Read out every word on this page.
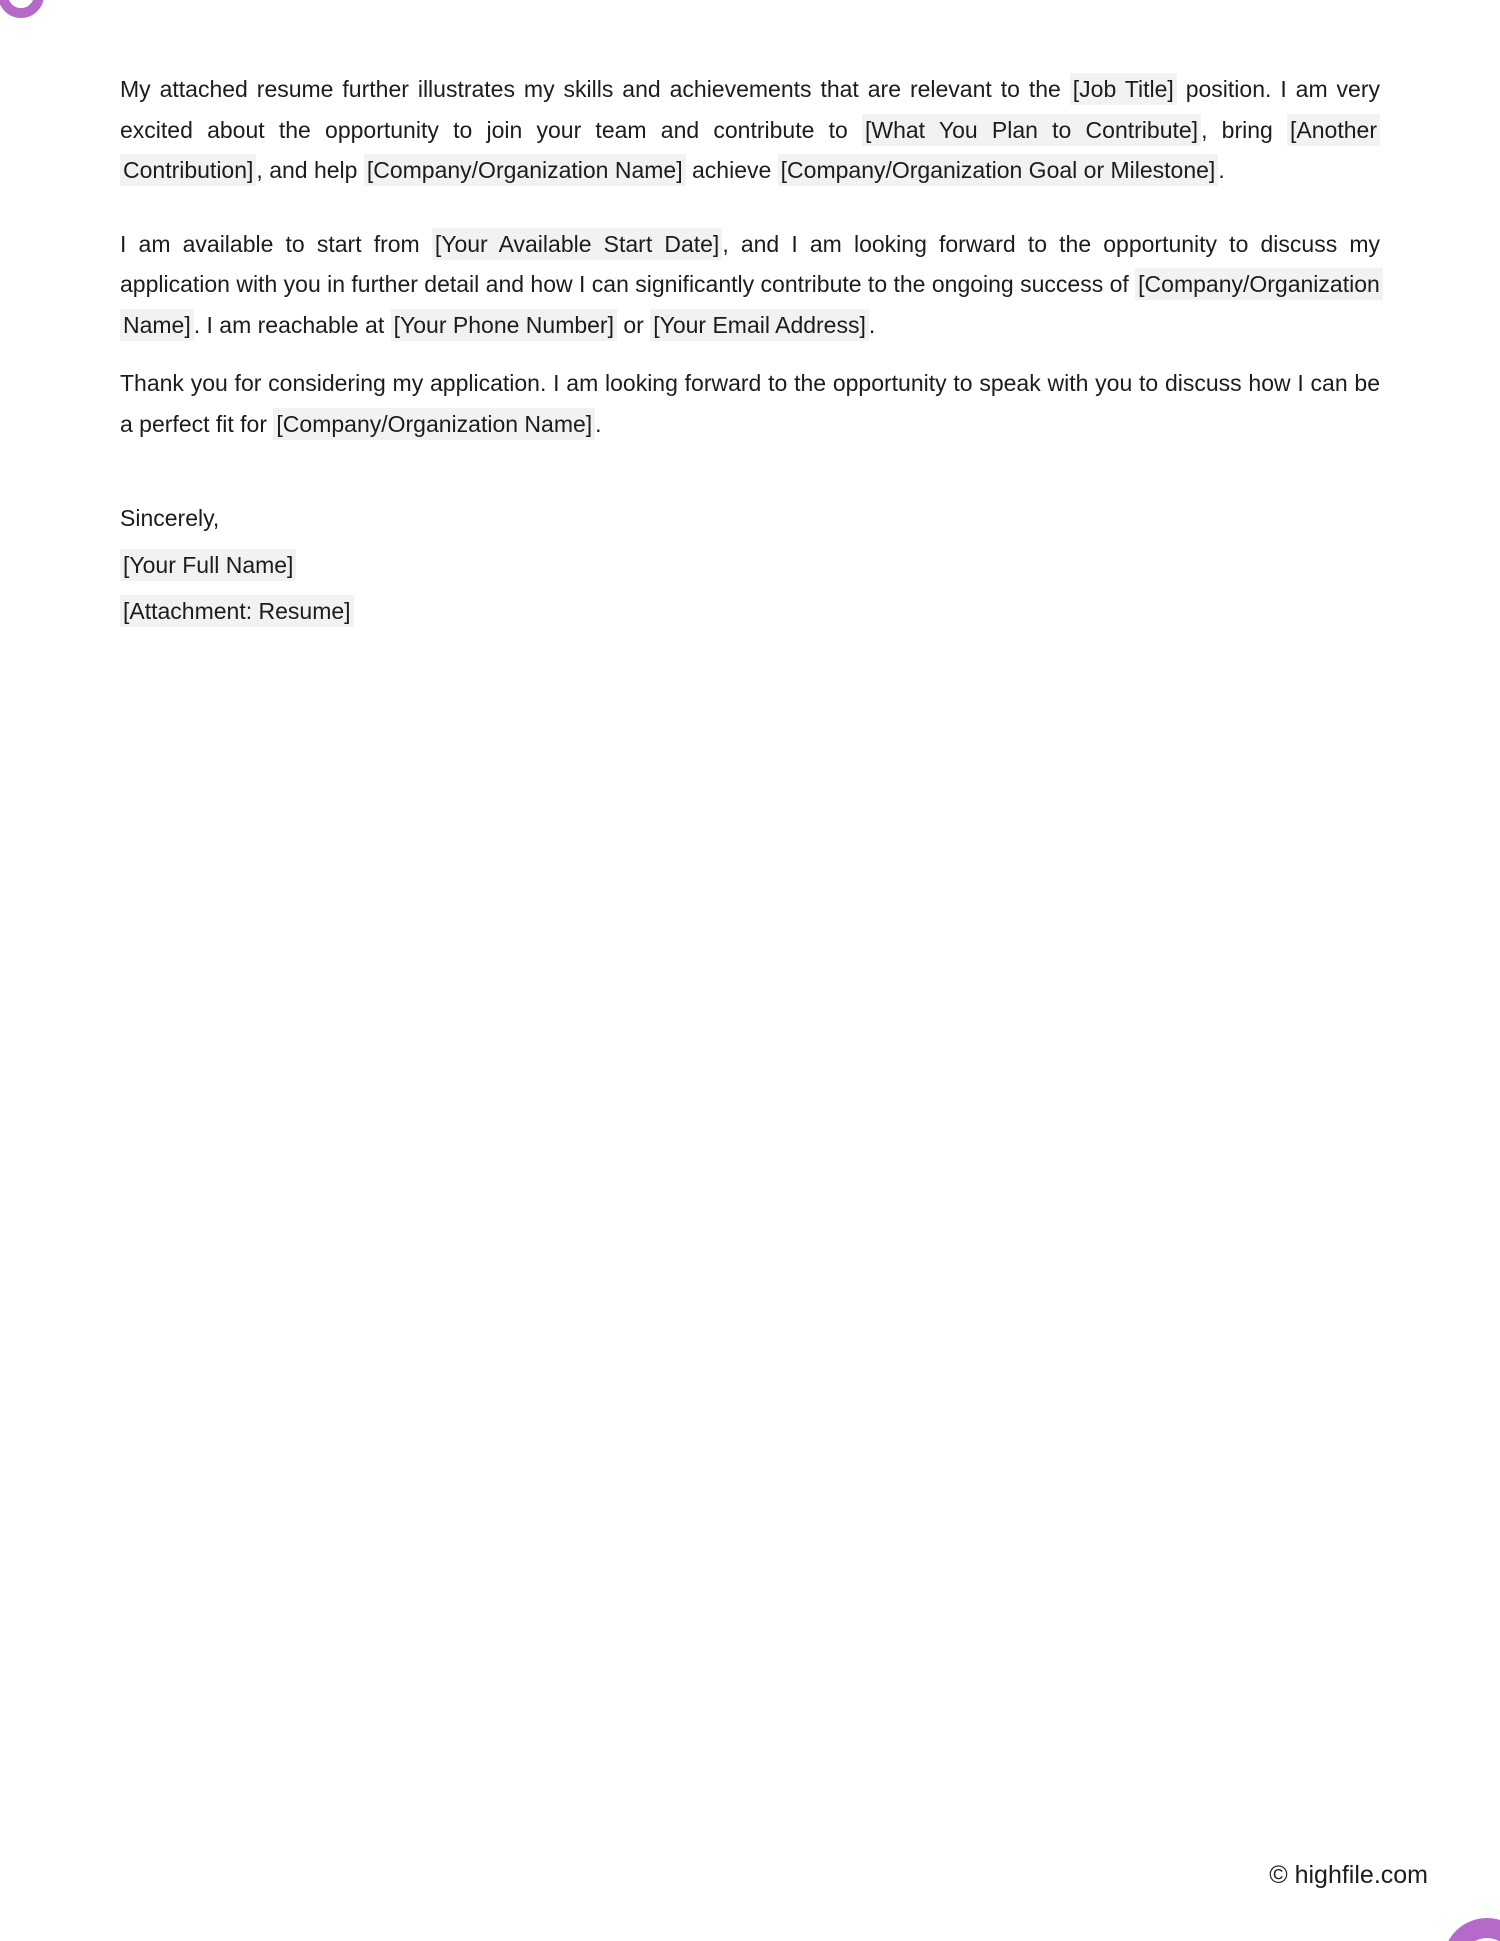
My attached resume further illustrates my skills and achievements that are relevant to the [Job Title] position. I am very excited about the opportunity to join your team and contribute to [What You Plan to Contribute] , bring [Another Contribution] , and help [Company/Organization Name] achieve [Company/Organization Goal or Milestone] .

I am available to start from [Your Available Start Date] , and I am looking forward to the opportunity to discuss my application with you in further detail and how I can significantly contribute to the ongoing success of [Company/Organization Name] . I am reachable at [Your Phone Number] or [Your Email Address] .

Thank you for considering my application. I am looking forward to the opportunity to speak with you to discuss how I can be a perfect fit for [Company/Organization Name] .

Sincerely,

[Your Full Name]

[Attachment: Resume]

© highfile.com
